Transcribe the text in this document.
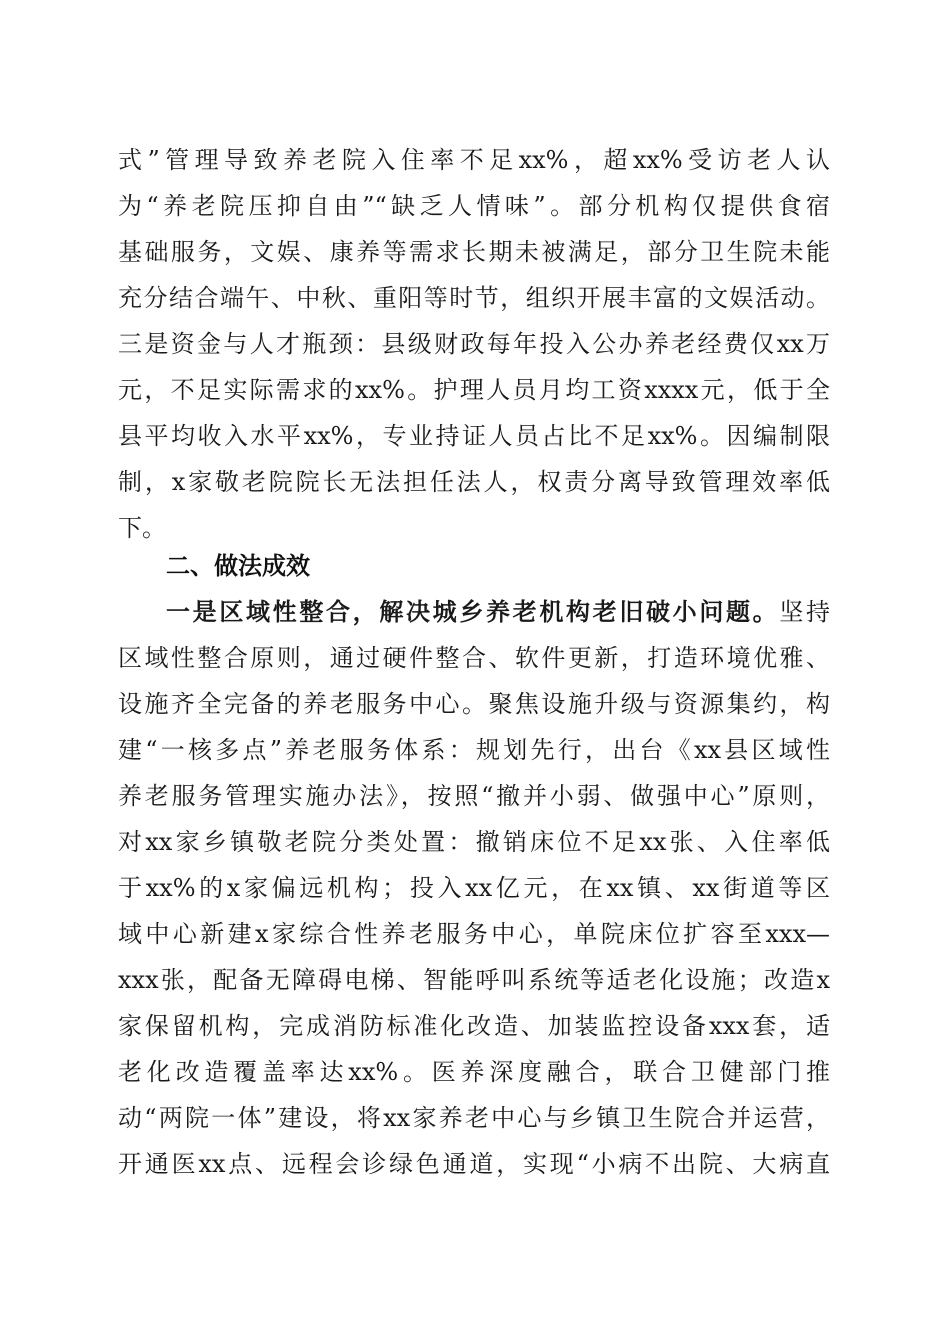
式”管理导致养老院入住率不足xx%，超xx%受访老人认
为“养老院压抑自由”“缺乏人情味”。部分机构仅提供食宿
基础服务，文娱、康养等需求长期未被满足，部分卫生院未能
充分结合端午、中秋、重阳等时节，组织开展丰富的文娱活动。
三是资金与人才瓶颈：县级财政每年投入公办养老经费仅xx万
元，不足实际需求的xx%。护理人员月均工资xxxx元，低于全
县平均收入水平xx%，专业持证人员占比不足xx%。因编制限
制，x家敬老院院长无法担任法人，权责分离导致管理效率低
下。
二、做法成效
一是区域性整合，解决城乡养老机构老旧破小问题。坚持
区域性整合原则，通过硬件整合、软件更新，打造环境优雅、
设施齐全完备的养老服务中心。聚焦设施升级与资源集约，构
建“一核多点”养老服务体系：规划先行，出台《xx县区域性
养老服务管理实施办法》，按照“撤并小弱、做强中心”原则，
对xx家乡镇敬老院分类处置：撤销床位不足xx张、入住率低
于xx%的x家偏远机构；投入xx亿元，在xx镇、xx街道等区
域中心新建x家综合性养老服务中心，单院床位扩容至xxx—
xxx张，配备无障碍电梯、智能呼叫系统等适老化设施；改造x
家保留机构，完成消防标准化改造、加装监控设备xxx套，适
老化改造覆盖率达xx%。医养深度融合，联合卫健部门推
动“两院一体”建设，将xx家养老中心与乡镇卫生院合并运营，
开通医xx点、远程会诊绿色通道，实现“小病不出院、大病直
